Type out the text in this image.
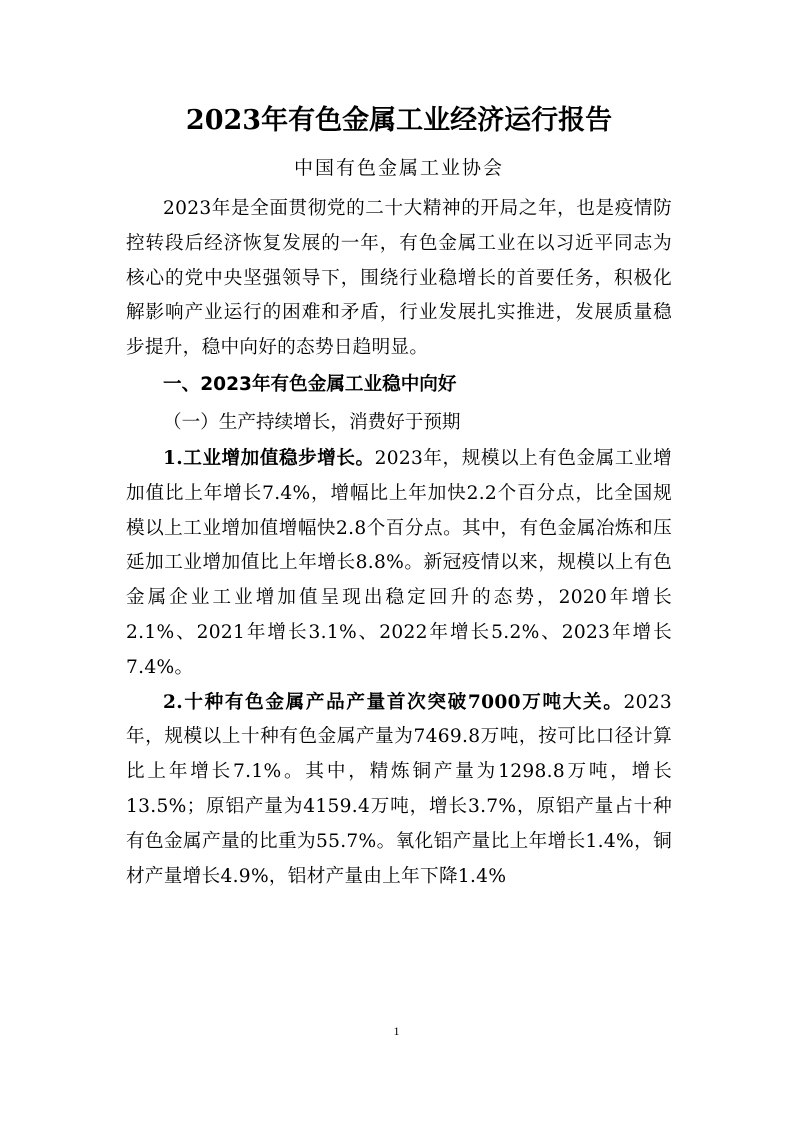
2023年有色金属工业经济运行报告
中国有色金属工业协会

2023年是全面贯彻党的二十大精神的开局之年，也是疫情防控转段后经济恢复发展的一年，有色金属工业在以习近平同志为核心的党中央坚强领导下，围绕行业稳增长的首要任务，积极化解影响产业运行的困难和矛盾，行业发展扎实推进，发展质量稳步提升，稳中向好的态势日趋明显。

一、2023年有色金属工业稳中向好
（一）生产持续增长，消费好于预期

1.工业增加值稳步增长。2023年，规模以上有色金属工业增加值比上年增长7.4%，增幅比上年加快2.2个百分点，比全国规模以上工业增加值增幅快2.8个百分点。其中，有色金属冶炼和压延加工业增加值比上年增长8.8%。新冠疫情以来，规模以上有色金属企业工业增加值呈现出稳定回升的态势，2020年增长2.1%、2021年增长3.1%、2022年增长5.2%、2023年增长7.4%。

2.十种有色金属产品产量首次突破7000万吨大关。2023年，规模以上十种有色金属产量为7469.8万吨，按可比口径计算比上年增长7.1%。其中，精炼铜产量为1298.8万吨，增长13.5%；原铝产量为4159.4万吨，增长3.7%，原铝产量占十种有色金属产量的比重为55.7%。氧化铝产量比上年增长1.4%，铜材产量增长4.9%，铝材产量由上年下降1.4%

1
